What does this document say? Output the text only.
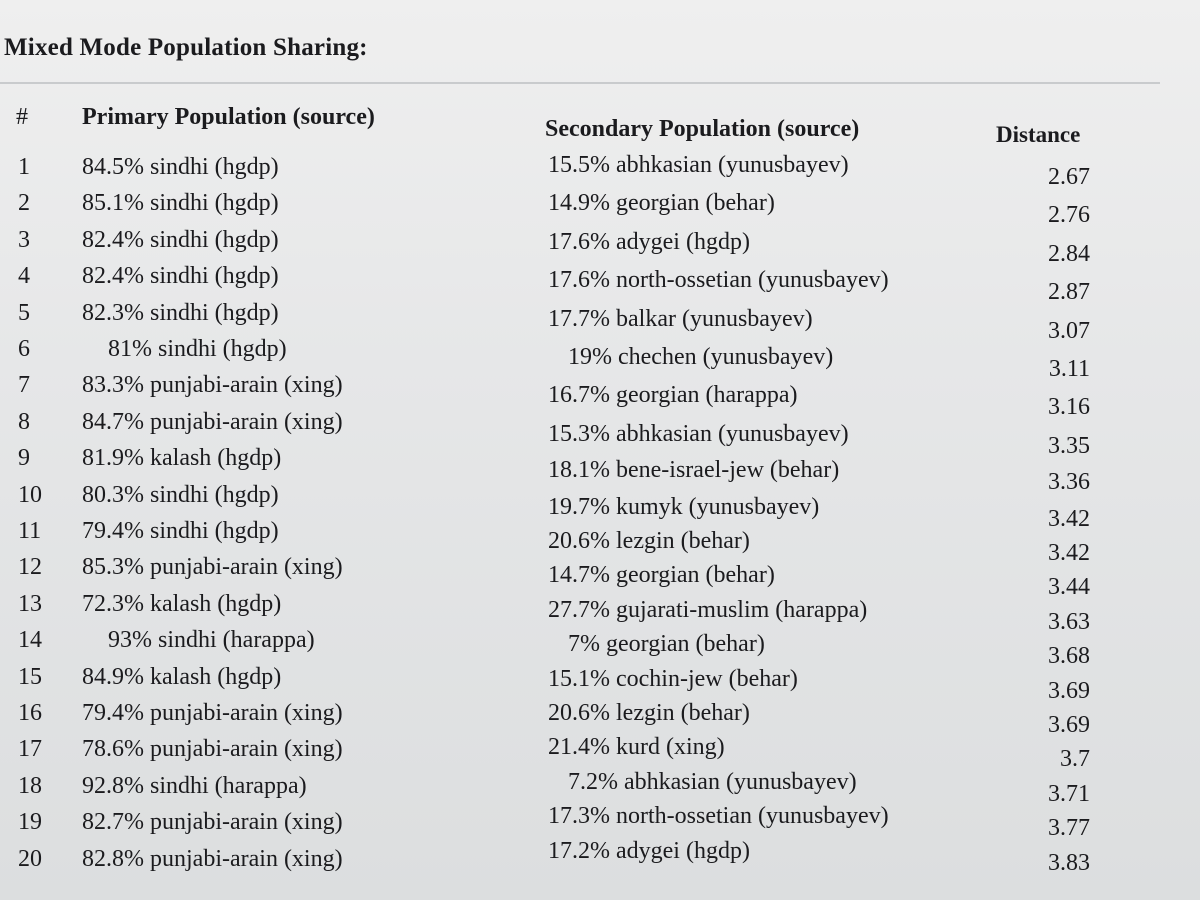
Mixed Mode Population Sharing:
# Primary Population (source)	Secondary Population (source)	Distance
1	84.5% sindhi (hgdp)	15.5% abhkasian (yunusbayev)	2.67
2	85.1% sindhi (hgdp)	14.9% georgian (behar)	2.76
3	82.4% sindhi (hgdp)	17.6% adygei (hgdp)	2.84
4	82.4% sindhi (hgdp)	17.6% north-ossetian (yunusbayev)	2.87
5	82.3% sindhi (hgdp)	17.7% balkar (yunusbayev)	3.07
6	81% sindhi (hgdp)	19% chechen (yunusbayev)	3.11
7	83.3% punjabi-arain (xing)	16.7% georgian (harappa)	3.16
8	84.7% punjabi-arain (xing)	15.3% abhkasian (yunusbayev)	3.35
9	81.9% kalash (hgdp)	18.1% bene-israel-jew (behar)	3.36
10	80.3% sindhi (hgdp)	19.7% kumyk (yunusbayev)	3.42
11	79.4% sindhi (hgdp)	20.6% lezgin (behar)	3.42
12	85.3% punjabi-arain (xing)	14.7% georgian (behar)	3.44
13	72.3% kalash (hgdp)	27.7% gujarati-muslim (harappa)	3.63
14	93% sindhi (harappa)	7% georgian (behar)	3.68
15	84.9% kalash (hgdp)	15.1% cochin-jew (behar)	3.69
16	79.4% punjabi-arain (xing)	20.6% lezgin (behar)	3.69
17	78.6% punjabi-arain (xing)	21.4% kurd (xing)	3.7
18	92.8% sindhi (harappa)	7.2% abhkasian (yunusbayev)	3.71
19	82.7% punjabi-arain (xing)	17.3% north-ossetian (yunusbayev)	3.77
20	82.8% punjabi-arain (xing)	17.2% adygei (hgdp)	3.83
